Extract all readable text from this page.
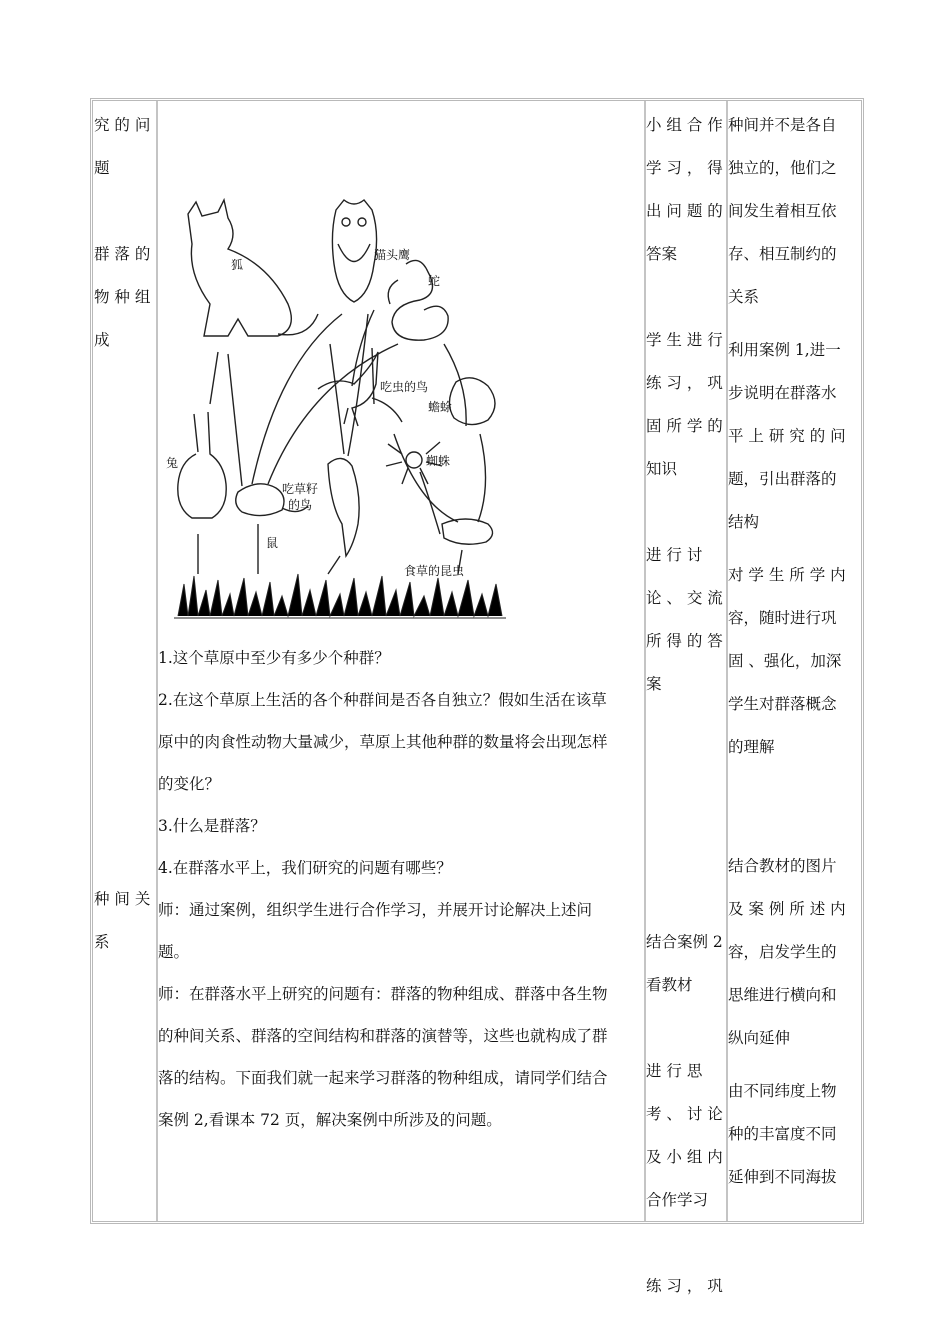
究 的 问
题
群 落 的
物 种 组
成
种 间 关
系
狐
猫头鹰
蛇
吃虫的鸟
蟾蜍
兔	蜘蛛
吃草籽
的鸟
鼠
食草的昆虫

1.这个草原中至少有多少个种群？

2.在这个草原上生活的各个种群间是否各自独立？假如生活在该草

原中的肉食性动物大量减少，草原上其他种群的数量将会出现怎样

的变化？

3.什么是群落？

4.在群落水平上，我们研究的问题有哪些？

师：通过案例，组织学生进行合作学习，并展开讨论解决上述问

题。

师：在群落水平上研究的问题有：群落的物种组成、群落中各生物

的种间关系、群落的空间结构和群落的演替等，这些也就构成了群

落的结构。下面我们就一起来学习群落的物种组成，请同学们结合

案例 2,看课本 72 页，解决案例中所涉及的问题。

小 组 合 作
学 习 ， 得
出 问 题 的
答案
学 生 进 行
练 习 ， 巩
固 所 学 的
知识
进 行 讨
论 、 交 流
所 得 的 答
案
结合案例 2
看教材
进 行 思
考 、 讨 论
及 小 组 内
合作学习
练 习 ， 巩
种间并不是各自
独立的，他们之
间发生着相互依
存、相互制约的
关系
利用案例 1,进一
步说明在群落水
平 上 研 究 的 问
题，引出群落的
结构
对 学 生 所 学 内
容，随时进行巩
固 、强化，加深
学生对群落概念
的理解
结合教材的图片
及 案 例 所 述 内
容，启发学生的
思维进行横向和
纵向延伸
由不同纬度上物
种的丰富度不同
延伸到不同海拔
